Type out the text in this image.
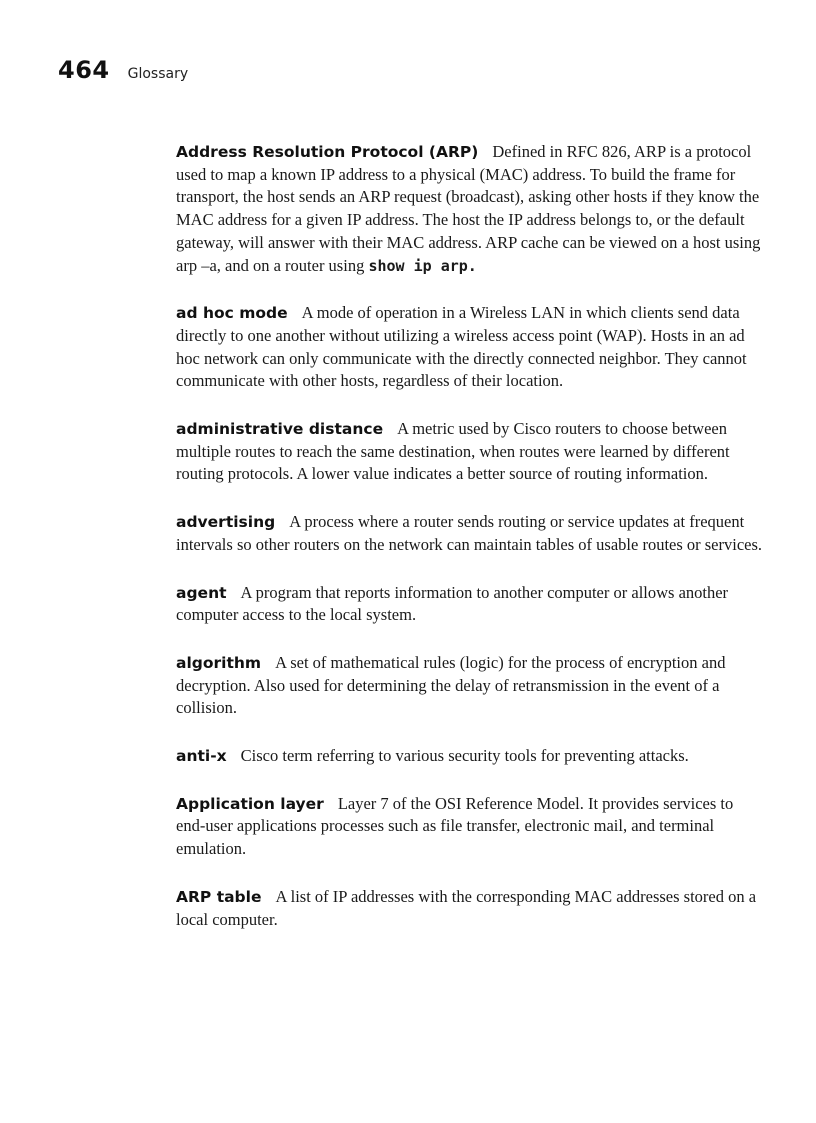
464 Glossary

Address Resolution Protocol (ARP) Defined in RFC 826, ARP is a protocol used to map a known IP address to a physical (MAC) address. To build the frame for transport, the host sends an ARP request (broadcast), asking other hosts if they know the MAC address for a given IP address. The host the IP address belongs to, or the default gateway, will answer with their MAC address. ARP cache can be viewed on a host using arp –a, and on a router using show ip arp.

ad hoc mode A mode of operation in a Wireless LAN in which clients send data directly to one another without utilizing a wireless access point (WAP). Hosts in an ad hoc network can only communicate with the directly connected neighbor. They cannot communicate with other hosts, regardless of their location.

administrative distance A metric used by Cisco routers to choose between multiple routes to reach the same destination, when routes were learned by different routing protocols. A lower value indicates a better source of routing information.

advertising A process where a router sends routing or service updates at frequent intervals so other routers on the network can maintain tables of usable routes or services.

agent A program that reports information to another computer or allows another computer access to the local system.

algorithm A set of mathematical rules (logic) for the process of encryption and decryption. Also used for determining the delay of retransmission in the event of a collision.

anti-x Cisco term referring to various security tools for preventing attacks.

Application layer Layer 7 of the OSI Reference Model. It provides services to end-user applications processes such as file transfer, electronic mail, and terminal emulation.

ARP table A list of IP addresses with the corresponding MAC addresses stored on a local computer.
